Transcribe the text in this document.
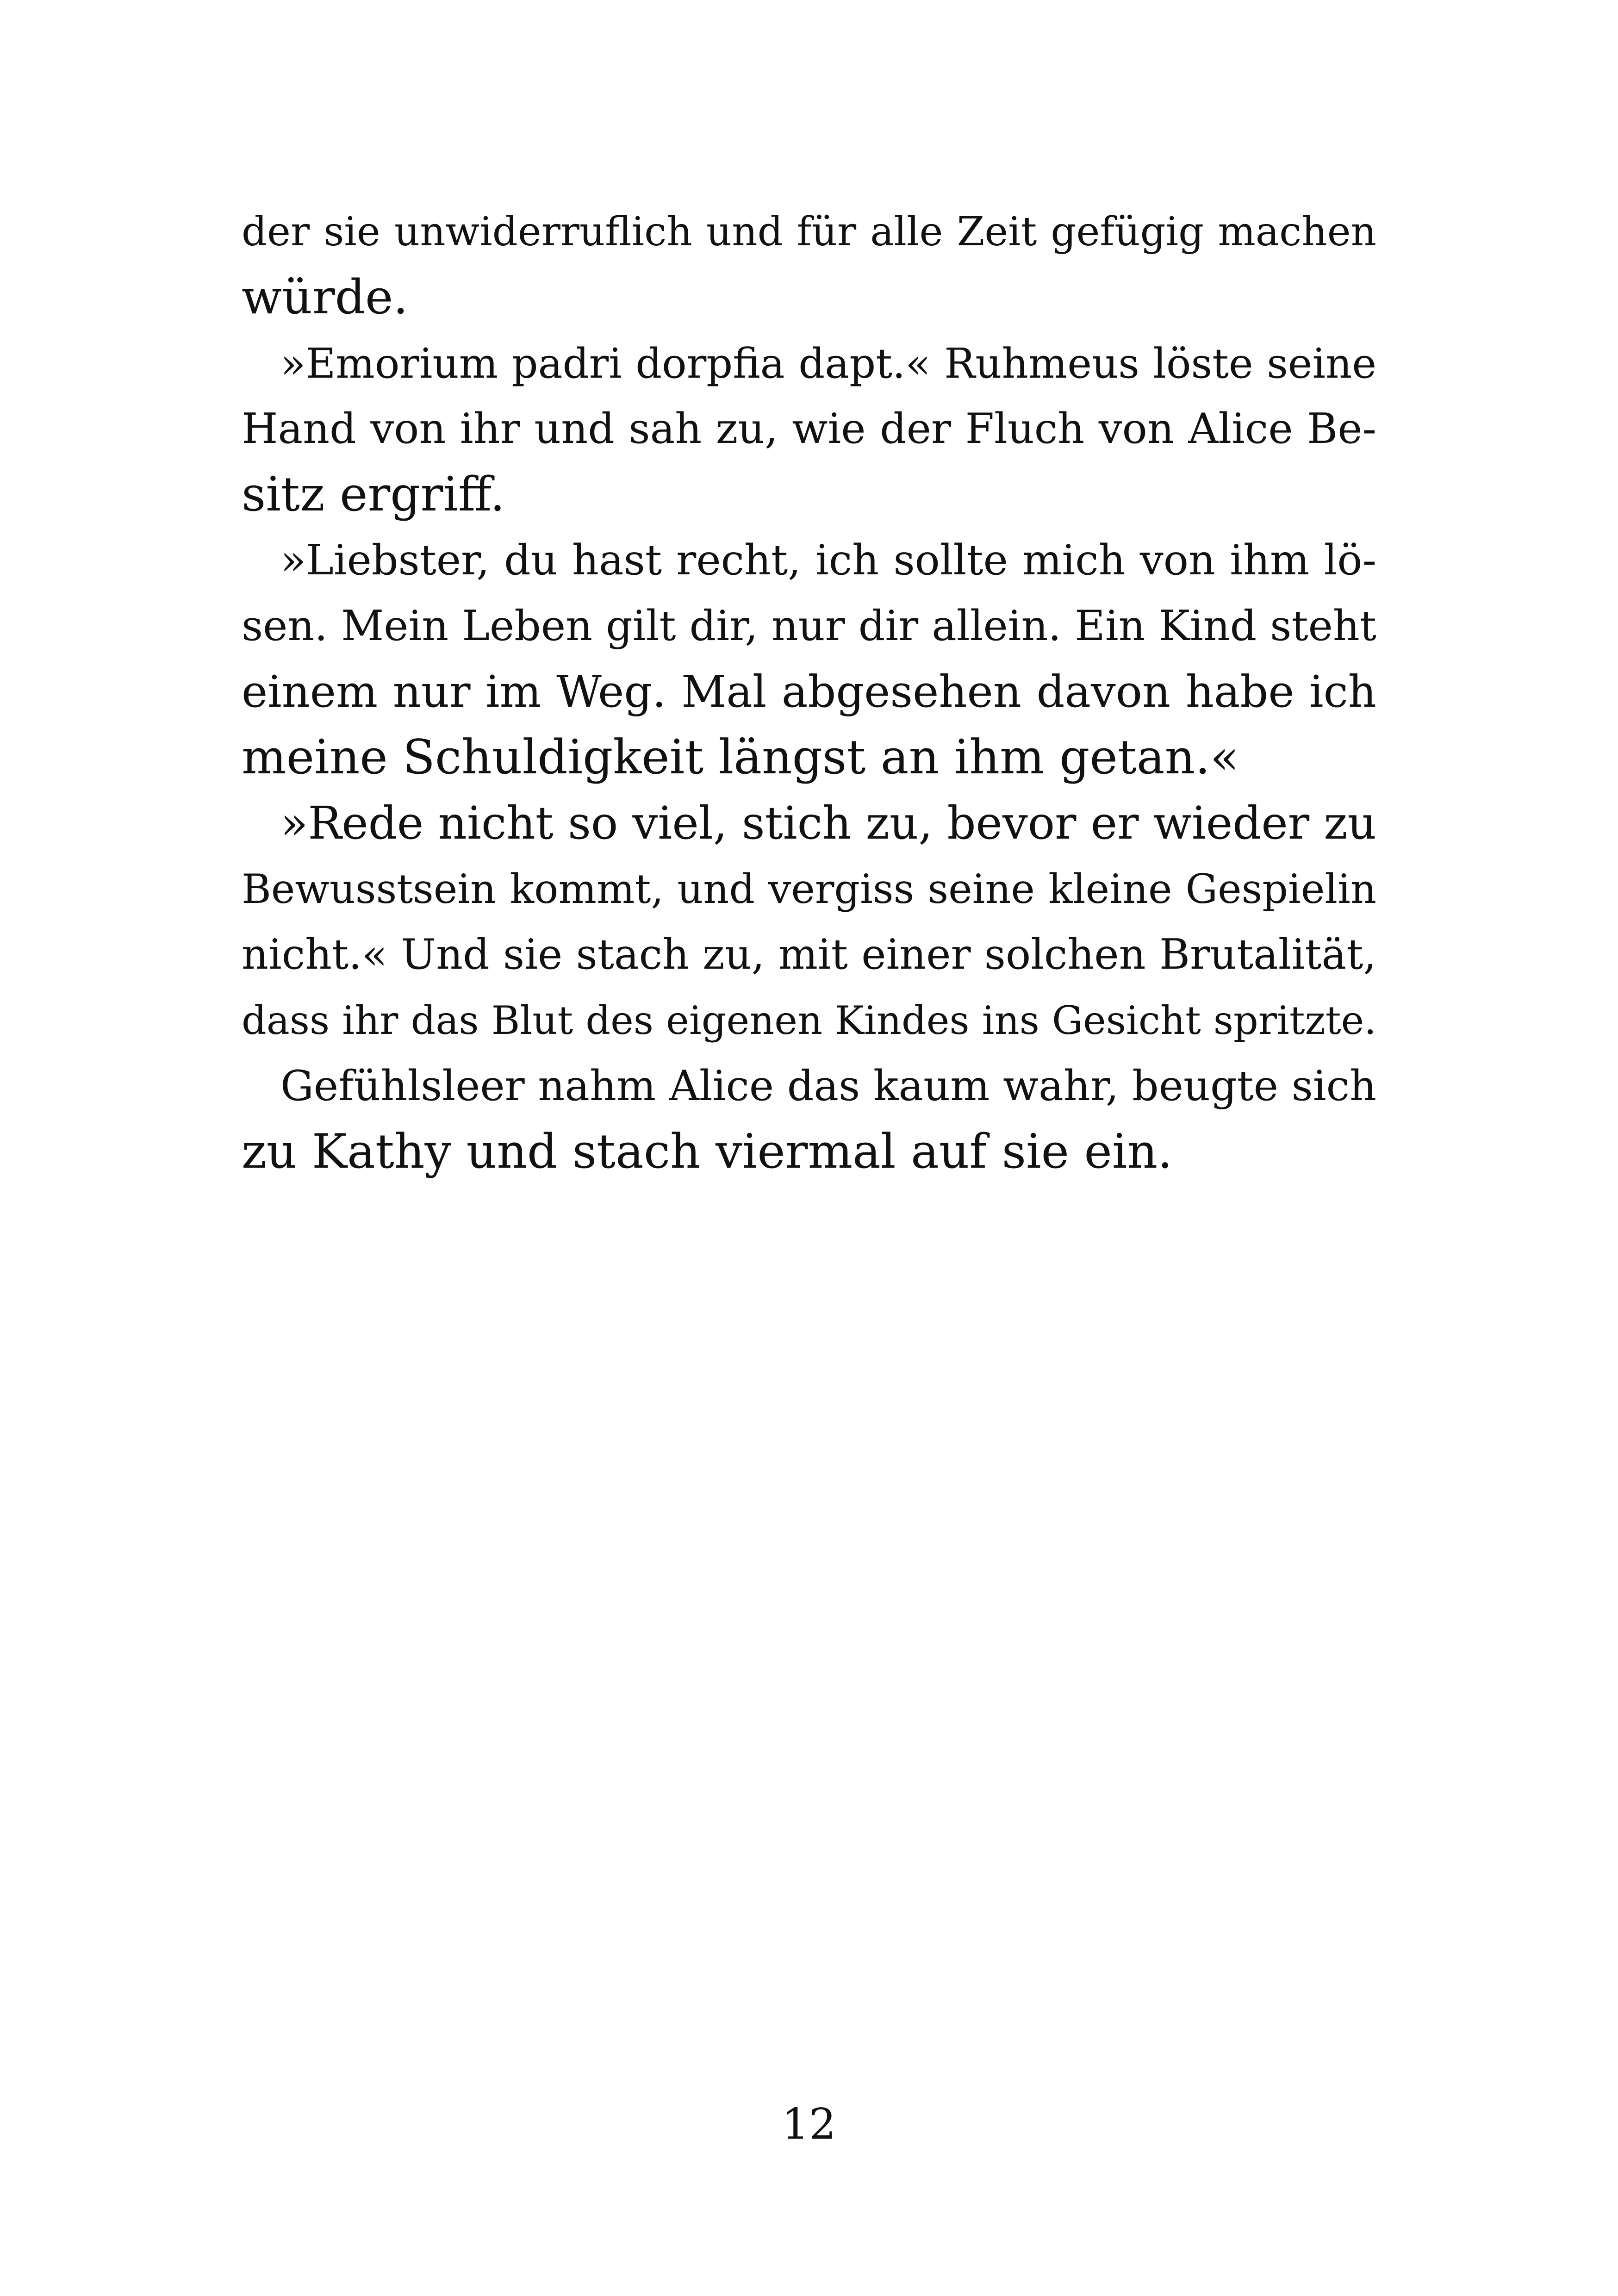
der sie unwiderruflich und für alle Zeit gefügig machen
würde.
»Emorium padri dorpfia dapt.« Ruhmeus löste seine
Hand von ihr und sah zu, wie der Fluch von Alice Be-
sitz ergriff.
»Liebster, du hast recht, ich sollte mich von ihm lö-
sen. Mein Leben gilt dir, nur dir allein. Ein Kind steht
einem nur im Weg. Mal abgesehen davon habe ich
meine Schuldigkeit längst an ihm getan.«
»Rede nicht so viel, stich zu, bevor er wieder zu
Bewusstsein kommt, und vergiss seine kleine Gespielin
nicht.« Und sie stach zu, mit einer solchen Brutalität,
dass ihr das Blut des eigenen Kindes ins Gesicht spritzte.
Gefühlsleer nahm Alice das kaum wahr, beugte sich
zu Kathy und stach viermal auf sie ein.
12
